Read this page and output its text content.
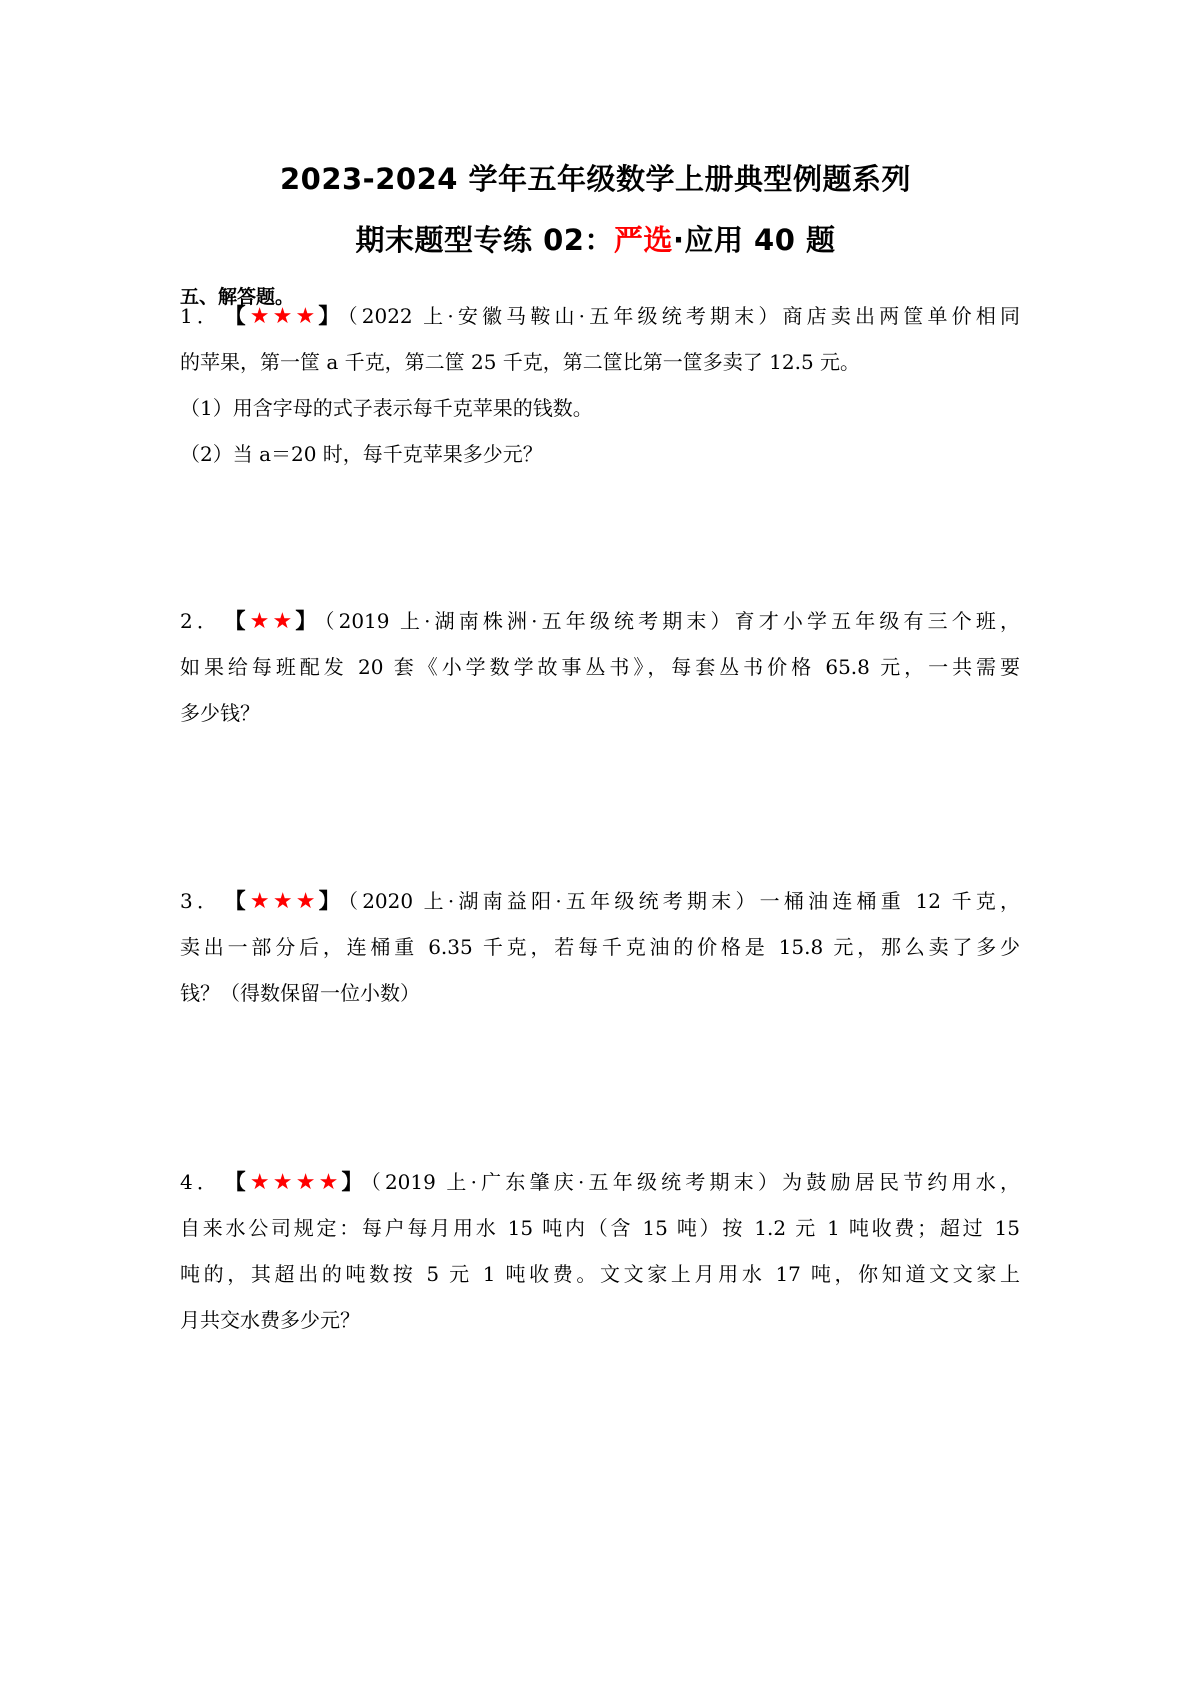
2023-2024 学年五年级数学上册典型例题系列
期末题型专练 02：严选·应用 40 题
五、解答题。
1． 【★★★】 （2022 上·安徽马鞍山·五年级统考期末）商店卖出两筐单价相同
的苹果，第一筐 a 千克，第二筐 25 千克，第二筐比第一筐多卖了 12.5 元。
（1）用含字母的式子表示每千克苹果的钱数。
（2）当 a＝20 时，每千克苹果多少元？
2． 【★★】 （2019 上·湖南株洲·五年级统考期末）育才小学五年级有三个班，
如果给每班配发 20 套《小学数学故事丛书》，每套丛书价格 65.8 元，一共需要
多少钱？
3． 【★★★】 （2020 上·湖南益阳·五年级统考期末）一桶油连桶重 12 千克，
卖出一部分后，连桶重 6.35 千克，若每千克油的价格是 15.8 元，那么卖了多少
钱？（得数保留一位小数）
4． 【★★★★】 （2019 上·广东肇庆·五年级统考期末）为鼓励居民节约用水，
自来水公司规定：每户每月用水 15 吨内（含 15 吨）按 1.2 元 1 吨收费；超过 15
吨的，其超出的吨数按 5 元 1 吨收费。文文家上月用水 17 吨，你知道文文家上
月共交水费多少元？
